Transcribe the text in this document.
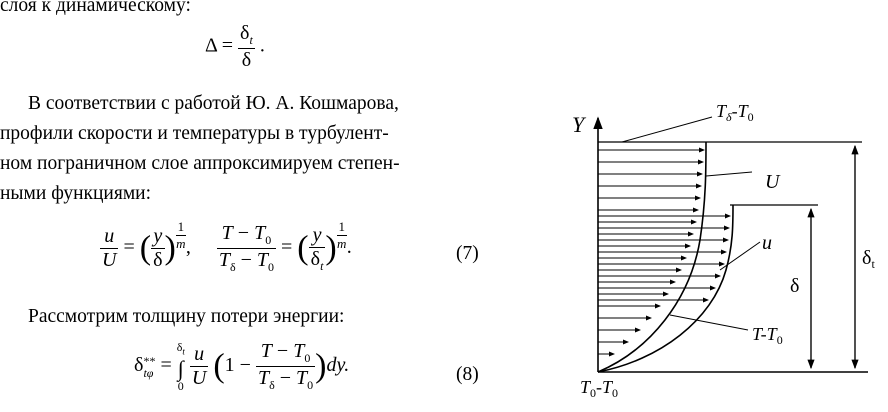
слоя к динамическому:

$\Delta = \frac{\delta_t}{\delta}$ .

В соответствии с работой Ю. А. Кошмарова,

профили скорости и температуры в турбулент-

ном пограничном слое аппроксимируем степен-

ными функциями:

$\frac{u}{U}$ = ( $\frac{y}{\delta}$ ) $\frac{1}{m}$ , $\frac{T - T_0}{T_\delta - T_0}$ = ( $\frac{y}{\delta_t}$ ) $\frac{1}{m}$ .	(7)

Рассмотрим толщину потери энергии:

δ **
tφ =
$\delta_t$
∫
0
$\frac{u}{U} (1 - \frac{T - T_0}{T_\delta - T_0} )dy$.	(8)
Y
$T_\delta-T_0$
U
u
$T-T_0$
$T_0-T_0$
$\delta_t$
δ
